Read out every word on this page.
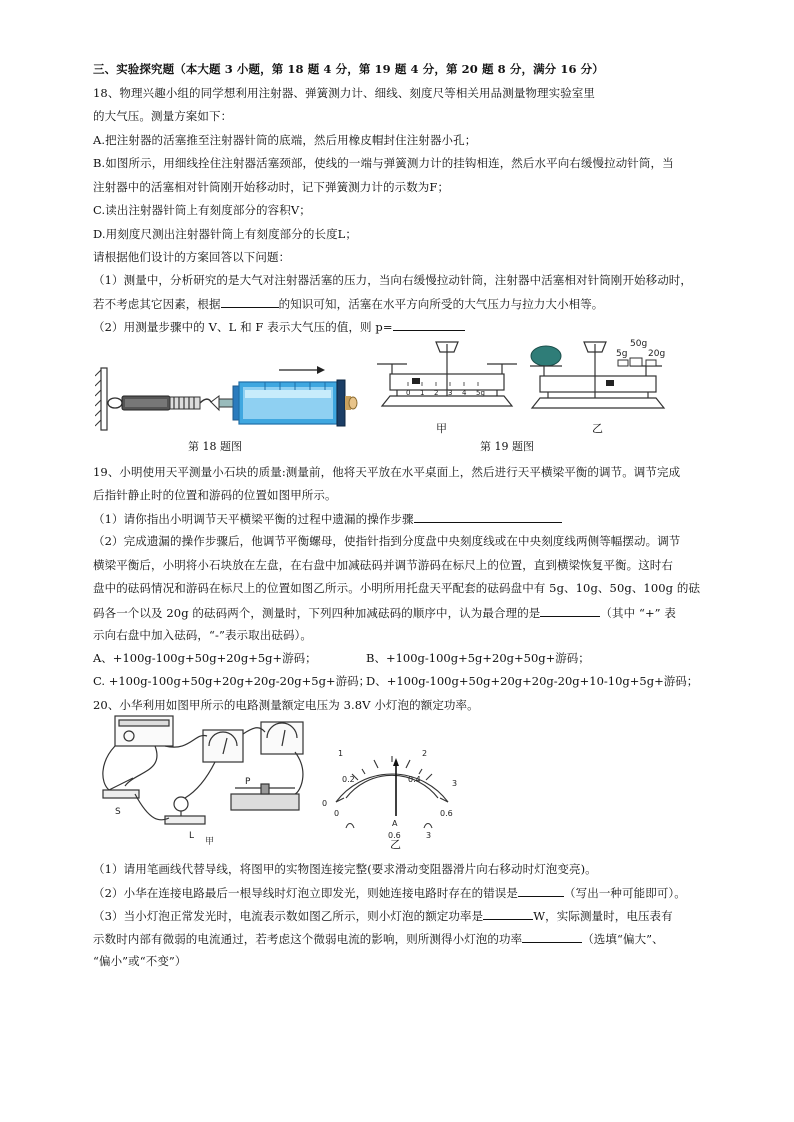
三、实验探究题（本大题 3 小题，第 18 题 4 分，第 19 题 4 分，第 20 题 8 分，满分 16 分）
18、物理兴趣小组的同学想利用注射器、弹簧测力计、细线、刻度尺等相关用品测量物理实验室里
的大气压。测量方案如下：
A.把注射器的活塞推至注射器针筒的底端，然后用橡皮帽封住注射器小孔；
B.如图所示，用细线拴住注射器活塞颈部，使线的一端与弹簧测力计的挂钩相连，然后水平向右缓慢拉动针筒，当
注射器中的活塞相对针筒刚开始移动时，记下弹簧测力计的示数为F；
C.读出注射器针筒上有刻度部分的容积V；
D.用刻度尺测出注射器针筒上有刻度部分的长度L；
请根据他们设计的方案回答以下问题：
（1）测量中，分析研究的是大气对注射器活塞的压力，当向右缓慢拉动针筒，注射器中活塞相对针筒刚开始移动时，
若不考虑其它因素，根据	的知识可知，活塞在水平方向所受的大气压力与拉力大小相等。
（2）用测量步骤中的 V、L 和 F 表示大气压的值，则 p=
0 1 2 3 4 5g
50g
5g 20g
第 18 题图
甲
第 19 题图
乙
19、小明使用天平测量小石块的质量:测量前，他将天平放在水平桌面上，然后进行天平横梁平衡的调节。调节完成
后指针静止时的位置和游码的位置如图甲所示。
（1）请你指出小明调节天平横梁平衡的过程中遗漏的操作步骤
（2）完成遗漏的操作步骤后，他调节平衡螺母，使指针指到分度盘中央刻度线或在中央刻度线两侧等幅摆动。调节
横梁平衡后，小明将小石块放在左盘，在右盘中加减砝码并调节游码在标尺上的位置，直到横梁恢复平衡。这时右
盘中的砝码情况和游码在标尺上的位置如图乙所示。小明所用托盘天平配套的砝码盘中有 5g、10g、50g、100g 的砝
码各一个以及 20g 的砝码两个，测量时，下列四种加减砝码的顺序中，认为最合理的是	（其中 “+” 表
示向右盘中加入砝码，“-”表示取出砝码）。
A、+100g-100g+50g+20g+5g+游码；	B、+100g-100g+5g+20g+50g+游码；
C. +100g-100g+50g+20g+20g-20g+5g+游码；
D、+100g-100g+50g+20g+20g-20g+10-10g+5g+游码；
20、小华利用如图甲所示的电路测量额定电压为 3.8V 小灯泡的额定功率。
S
L
P
甲
0
1	2
3
0.2	0.4
0	0.6
A
0.6	3
乙
（1）请用笔画线代替导线，将图甲的实物图连接完整(要求滑动变阻器滑片向右移动时灯泡变亮)。
（2）小华在连接电路最后一根导线时灯泡立即发光，则她连接电路时存在的错误是	（写出一种可能即可）。
（3）当小灯泡正常发光时，电流表示数如图乙所示，则小灯泡的额定功率是	W，实际测量时，电压表有
示数时内部有微弱的电流通过，若考虑这个微弱电流的影响，则所测得小灯泡的功率	（选填“偏大”、
“偏小”或“不变”）
